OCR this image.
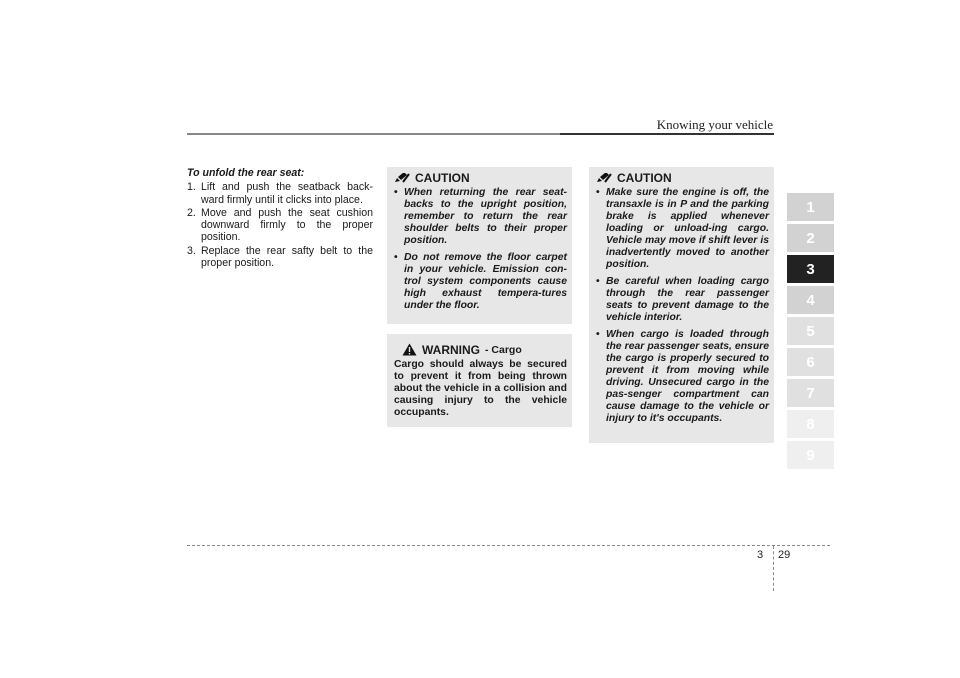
Knowing your vehicle
To unfold the rear seat:
1. Lift and push the seatback back-ward firmly until it clicks into place.
2. Move and push the seat cushion downward firmly to the proper position.
3. Replace the rear safty belt to the proper position.
CAUTION
• When returning the rear seat-backs to the upright position, remember to return the rear shoulder belts to their proper position.
• Do not remove the floor carpet in your vehicle. Emission con-trol system components cause high exhaust tempera-tures under the floor.
WARNING - Cargo
Cargo should always be secured to prevent it from being thrown about the vehicle in a collision and causing injury to the vehicle occupants.
CAUTION
• Make sure the engine is off, the transaxle is in P and the parking brake is applied whenever loading or unload-ing cargo. Vehicle may move if shift lever is inadvertently moved to another position.
• Be careful when loading cargo through the rear passenger seats to prevent damage to the vehicle interior.
• When cargo is loaded through the rear passenger seats, ensure the cargo is properly secured to prevent it from moving while driving. Unsecured cargo in the pas-senger compartment can cause damage to the vehicle or injury to it's occupants.
1
2
3
4
5
6
7
8
9
3 29
